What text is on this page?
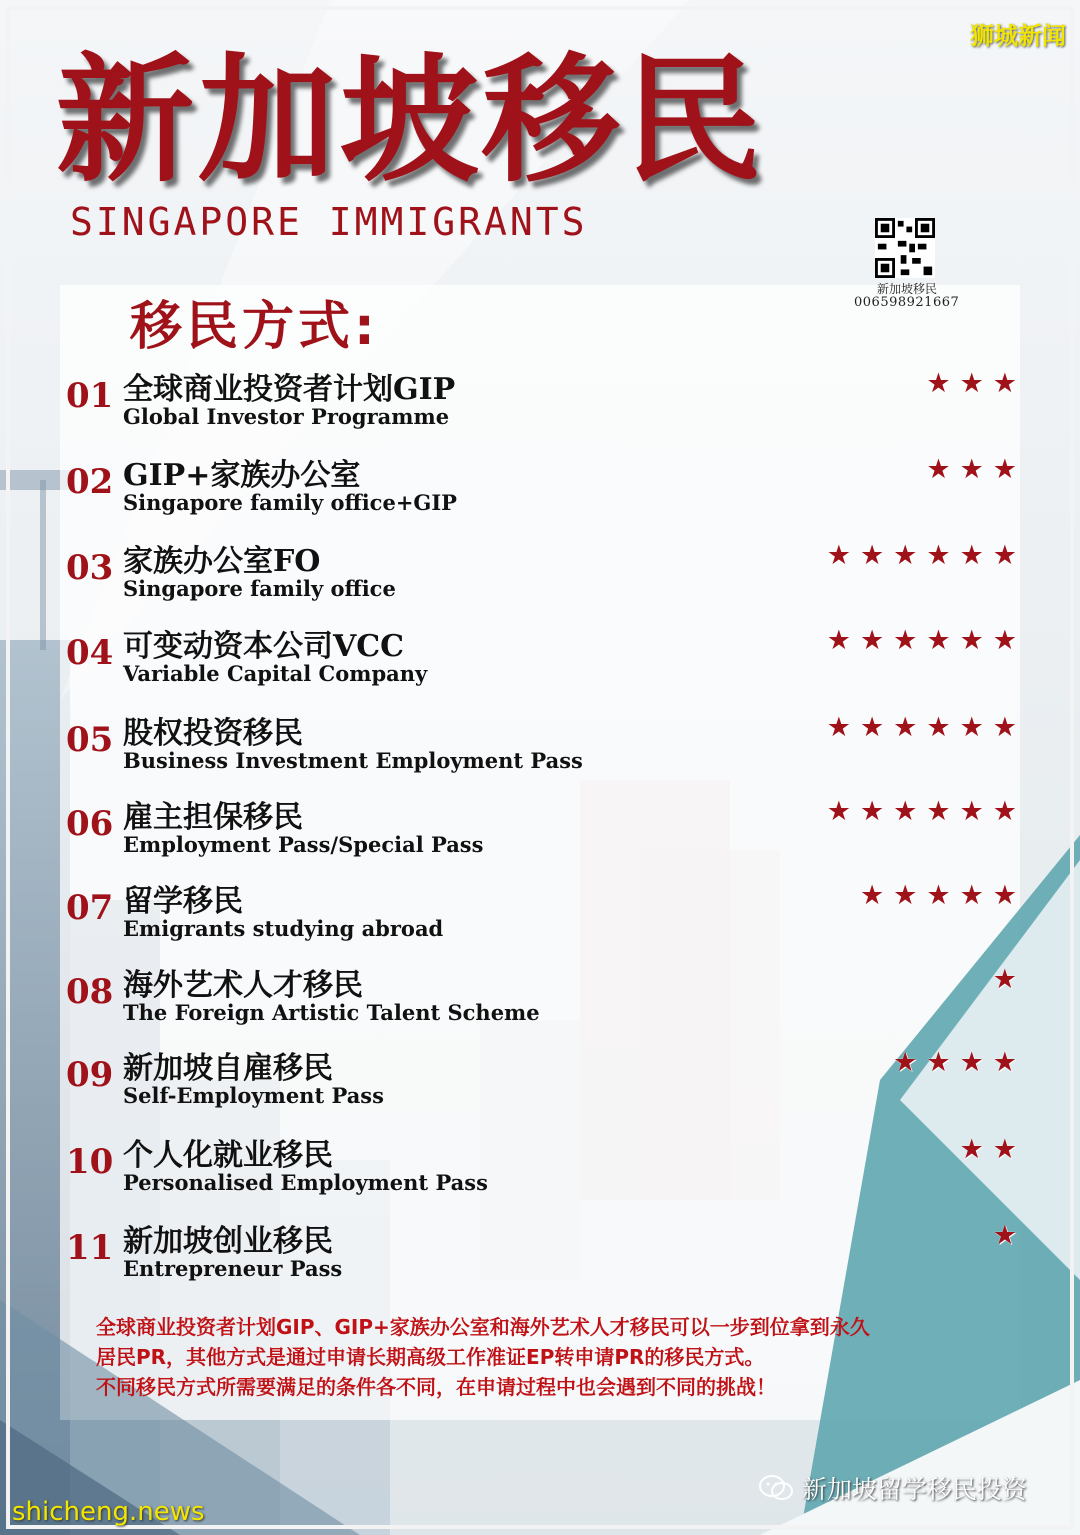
狮城新闻
新加坡移民
SINGAPORE IMMIGRANTS
新加坡移民
006598921667
移民方式:
01 全球商业投资者计划GIP
Global Investor Programme
★★★
02 GIP+家族办公室
Singapore family office+GIP
★★★
03 家族办公室FO
Singapore family office
★★★★★★
04 可变动资本公司VCC
Variable Capital Company
★★★★★★
05 股权投资移民
Business Investment Employment Pass
★★★★★★
06 雇主担保移民
Employment Pass/Special Pass
★★★★★★
07 留学移民
Emigrants studying abroad
★★★★★
08 海外艺术人才移民
The Foreign Artistic Talent Scheme
★
09 新加坡自雇移民
Self-Employment Pass
★★★★
10 个人化就业移民
Personalised Employment Pass
★★
11 新加坡创业移民
Entrepreneur Pass
★
全球商业投资者计划GIP、GIP+家族办公室和海外艺术人才移民可以一步到位拿到永久
居民PR，其他方式是通过申请长期高级工作准证EP转申请PR的移民方式。
不同移民方式所需要满足的条件各不同，在申请过程中也会遇到不同的挑战！
新加坡留学移民投资
shicheng.news
